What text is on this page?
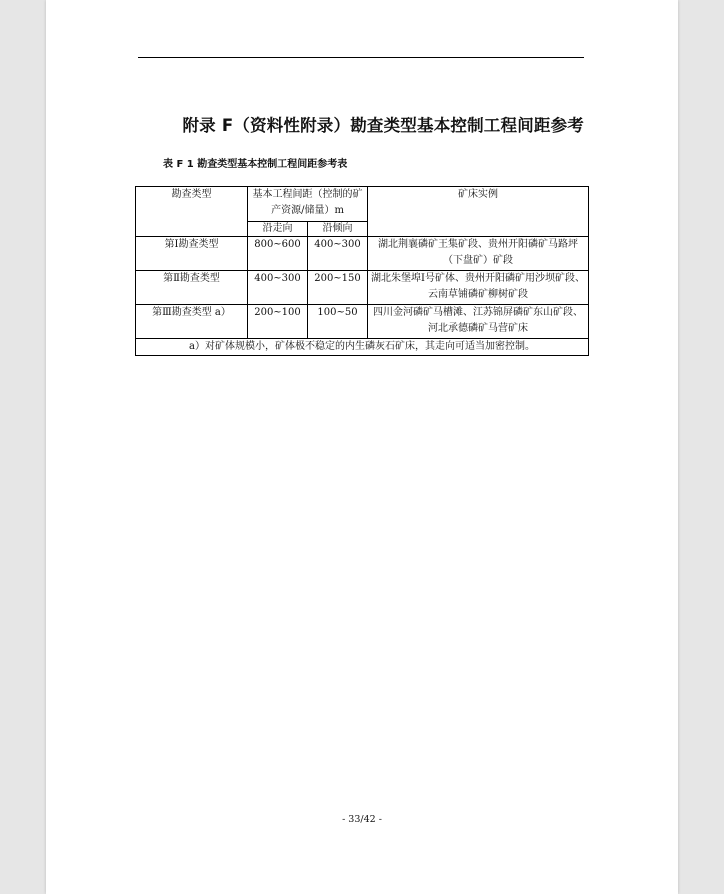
附录 F（资料性附录）勘查类型基本控制工程间距参考

表 F 1 勘查类型基本控制工程间距参考表

勘查类型	基本工程间距（控制的矿产资源/储量）m		矿床实例
	沿走向	沿倾向	
第Ⅰ勘查类型	800~600	400~300	湖北荆襄磷矿王集矿段、贵州开阳磷矿马路坪（下盘矿）矿段
第Ⅱ勘查类型	400~300	200~150	湖北朱堡埠Ⅰ号矿体、贵州开阳磷矿用沙坝矿段、云南草铺磷矿柳树矿段
第Ⅲ勘查类型 a）	200~100	100~50	四川金河磷矿马槽滩、江苏锦屏磷矿东山矿段、河北承德磷矿马营矿床
a）对矿体规模小，矿体极不稳定的内生磷灰石矿床，其走向可适当加密控制。			
- 33/42 -
